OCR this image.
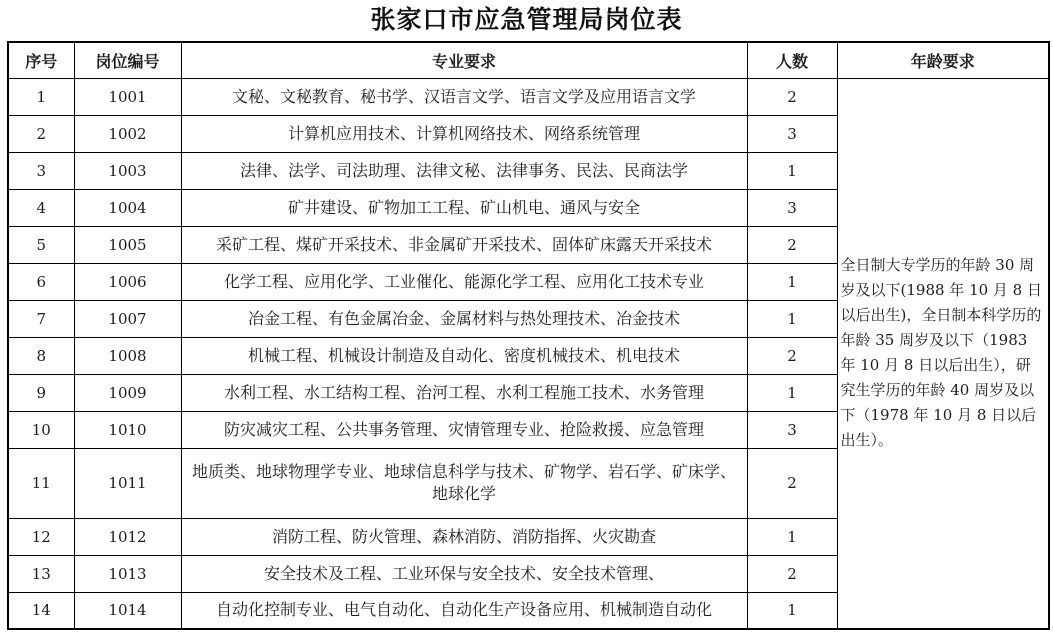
张家口市应急管理局岗位表
序号	岗位编号	专业要求	人数	年龄要求
1	1001	文秘、文秘教育、秘书学、汉语言文学、语言文学及应用语言文学	2	全日制大专学历的年龄 30 周岁及以下(1988 年 10 月 8 日以后出生)，全日制本科学历的年龄 35 周岁及以下（1983 年 10 月 8 日以后出生），研究生学历的年龄 40 周岁及以下（1978 年 10 月 8 日以后出生）。
2	1002	计算机应用技术、计算机网络技术、网络系统管理	3	
3	1003	法律、法学、司法助理、法律文秘、法律事务、民法、民商法学	1	
4	1004	矿井建设、矿物加工工程、矿山机电、通风与安全	3	
5	1005	采矿工程、煤矿开采技术、非金属矿开采技术、固体矿床露天开采技术	2	
6	1006	化学工程、应用化学、工业催化、能源化学工程、应用化工技术专业	1	
7	1007	冶金工程、有色金属冶金、金属材料与热处理技术、冶金技术	1	
8	1008	机械工程、机械设计制造及自动化、密度机械技术、机电技术	2	
9	1009	水利工程、水工结构工程、治河工程、水利工程施工技术、水务管理	1	
10	1010	防灾减灾工程、公共事务管理、灾情管理专业、抢险救援、应急管理	3	
11	1011	地质类、地球物理学专业、地球信息科学与技术、矿物学、岩石学、矿床学、地球化学	2	
12	1012	消防工程、防火管理、森林消防、消防指挥、火灾勘查	1	
13	1013	安全技术及工程、工业环保与安全技术、安全技术管理、	2	
14	1014	自动化控制专业、电气自动化、自动化生产设备应用、机械制造自动化	1	
